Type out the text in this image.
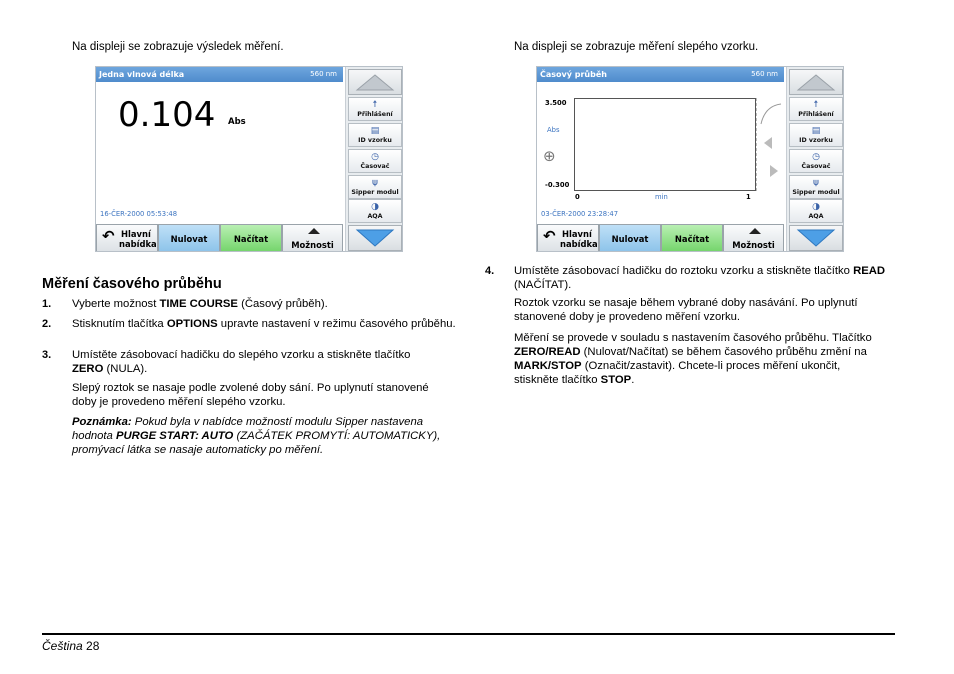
Na displeji se zobrazuje výsledek měření.
Jedna vlnová délka	560 nm
0.104 Abs
16-ČER-2000 05:53:48
☨
Přihlášení
▤
ID vzorku
◷
Časovač
⍦
Sipper modul
◑
AQA
↶ Hlavní
nabídka	Nulovat	Načítat
Možnosti
Měření časového průběhu
1. Vyberte možnost TIME COURSE (Časový průběh).
2. Stisknutím tlačítka OPTIONS upravte nastavení v režimu časového průběhu.
3. Umístěte zásobovací hadičku do slepého vzorku a stiskněte tlačítko ZERO (NULA).
Slepý roztok se nasaje podle zvolené doby sání. Po uplynutí stanovené doby je provedeno měření slepého vzorku.
Poznámka: Pokud byla v nabídce možností modulu Sipper nastavena hodnota PURGE START: AUTO (ZAČÁTEK PROMYTÍ: AUTOMATICKY), promývací látka se nasaje automaticky po měření.
Na displeji se zobrazuje měření slepého vzorku.
Časový průběh	560 nm
3.500
Abs
⊕
-0.300
0	min	1
03-ČER-2000 23:28:47
☨
Přihlášení
▤
ID vzorku
◷
Časovač
⍦
Sipper modul
◑
AQA
↶ Hlavní
nabídka	Nulovat	Načítat
Možnosti
4. Umístěte zásobovací hadičku do roztoku vzorku a stiskněte tlačítko READ (NAČÍTAT).
Roztok vzorku se nasaje během vybrané doby nasávání. Po uplynutí stanovené doby je provedeno měření vzorku.
Měření se provede v souladu s nastavením časového průběhu. Tlačítko ZERO/READ (Nulovat/Načítat) se během časového průběhu změní na MARK/STOP (Označit/zastavit). Chcete-li proces měření ukončit, stiskněte tlačítko STOP.
Čeština 28
